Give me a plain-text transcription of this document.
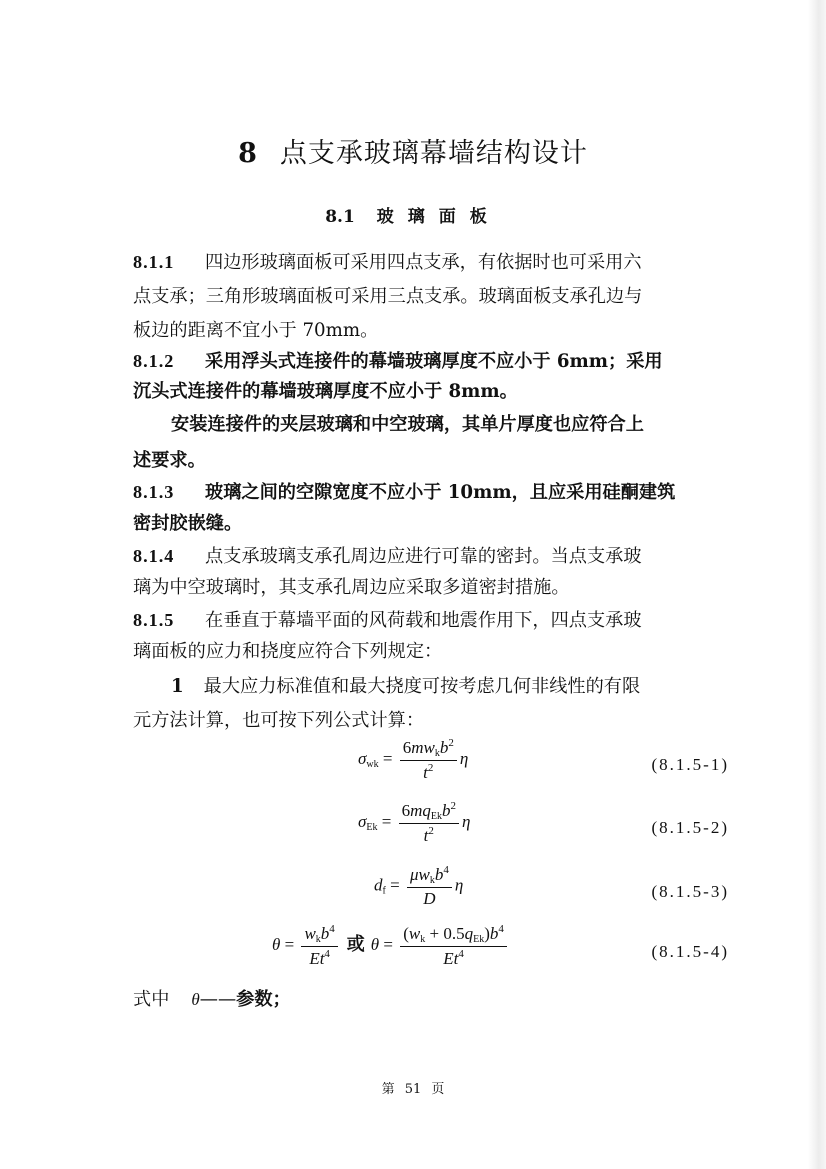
8 点支承玻璃幕墙结构设计
8.1 玻璃面板
8.1.1 四边形玻璃面板可采用四点支承，有依据时也可采用六
点支承；三角形玻璃面板可采用三点支承。玻璃面板支承孔边与
板边的距离不宜小于 70mm。
8.1.2 采用浮头式连接件的幕墙玻璃厚度不应小于 6mm；采用
沉头式连接件的幕墙玻璃厚度不应小于 8mm。
安装连接件的夹层玻璃和中空玻璃，其单片厚度也应符合上
述要求。
8.1.3 玻璃之间的空隙宽度不应小于 10mm，且应采用硅酮建筑
密封胶嵌缝。
8.1.4 点支承玻璃支承孔周边应进行可靠的密封。当点支承玻
璃为中空玻璃时，其支承孔周边应采取多道密封措施。
8.1.5 在垂直于幕墙平面的风荷载和地震作用下，四点支承玻
璃面板的应力和挠度应符合下列规定：
1 最大应力标准值和最大挠度可按考虑几何非线性的有限
元方法计算，也可按下列公式计算：
$\sigma_{wk} = \frac{6mw_kb^2}{t^2}$ η	(8.1.5-1)
$\sigma_{Ek} = \frac{6mq_{Ek}b^2}{t^2}$ η	(8.1.5-2)
$d_f = \frac{\mu w_kb^4}{D}$ η	(8.1.5-3)
$\theta = \frac{w_kb^4}{Et^4}$ 或 $\theta = \frac{(w_k + 0.5q_{Ek})b^4}{Et^4}$	(8.1.5-4)
式中 θ——参数；
第 51 页
